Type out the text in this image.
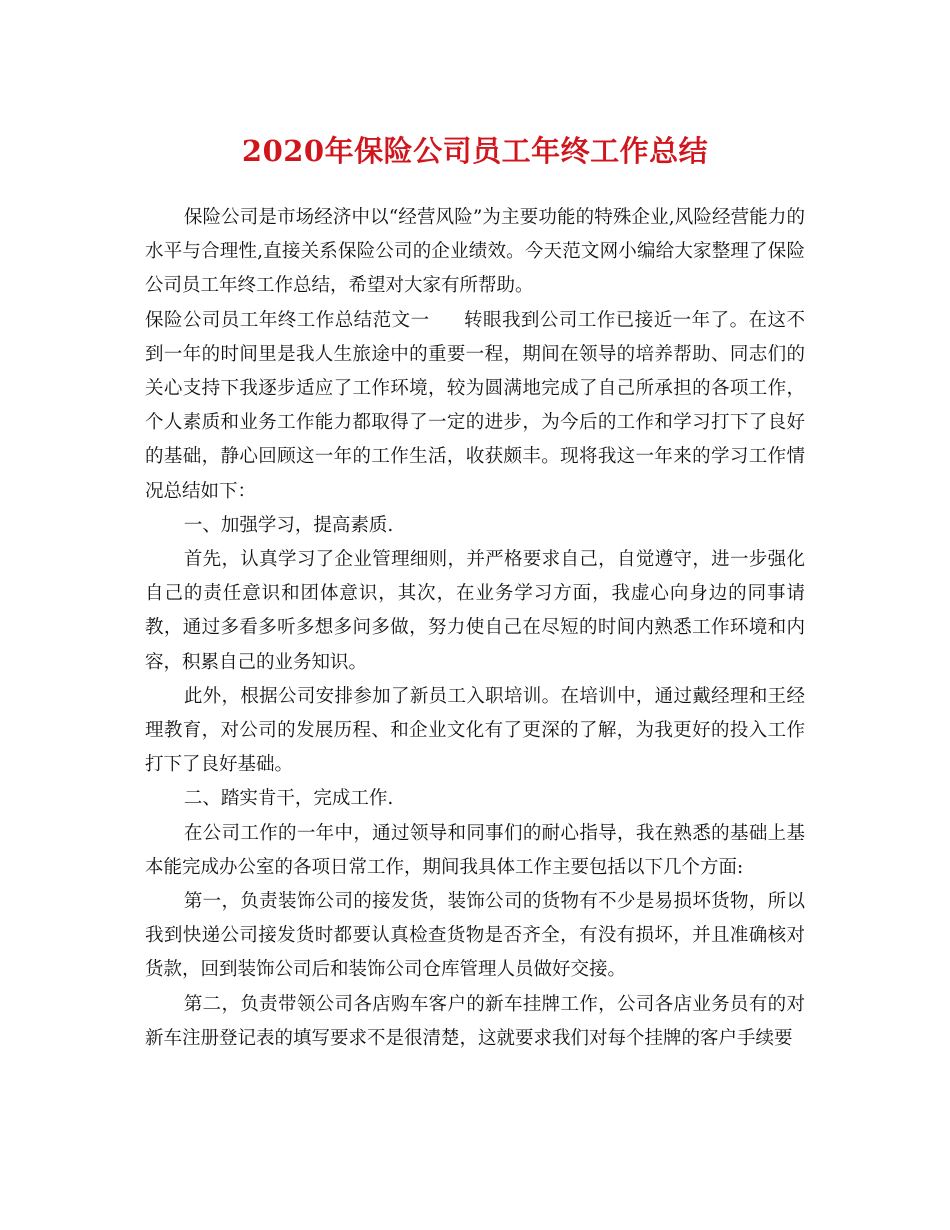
2020年保险公司员工年终工作总结

保险公司是市场经济中以“经营风险”为主要功能的特殊企业,风险经营能力的水平与合理性,直接关系保险公司的企业绩效。今天范文网小编给大家整理了保险公司员工年终工作总结，希望对大家有所帮助。

保险公司员工年终工作总结范文一 转眼我到公司工作已接近一年了。在这不到一年的时间里是我人生旅途中的重要一程，期间在领导的培养帮助、同志们的关心支持下我逐步适应了工作环境，较为圆满地完成了自己所承担的各项工作，个人素质和业务工作能力都取得了一定的进步，为今后的工作和学习打下了良好的基础，静心回顾这一年的工作生活，收获颇丰。现将我这一年来的学习工作情况总结如下：

一、加强学习，提高素质.

首先，认真学习了企业管理细则，并严格要求自己，自觉遵守，进一步强化自己的责任意识和团体意识，其次，在业务学习方面，我虚心向身边的同事请教，通过多看多听多想多问多做，努力使自己在尽短的时间内熟悉工作环境和内容，积累自己的业务知识。

此外，根据公司安排参加了新员工入职培训。在培训中，通过戴经理和王经理教育，对公司的发展历程、和企业文化有了更深的了解，为我更好的投入工作打下了良好基础。

二、踏实肯干，完成工作.

在公司工作的一年中，通过领导和同事们的耐心指导，我在熟悉的基础上基本能完成办公室的各项日常工作，期间我具体工作主要包括以下几个方面:

第一，负责装饰公司的接发货，装饰公司的货物有不少是易损坏货物，所以我到快递公司接发货时都要认真检查货物是否齐全，有没有损坏，并且准确核对货款，回到装饰公司后和装饰公司仓库管理人员做好交接。

第二，负责带领公司各店购车客户的新车挂牌工作，公司各店业务员有的对新车注册登记表的填写要求不是很清楚，这就要求我们对每个挂牌的客户手续要
